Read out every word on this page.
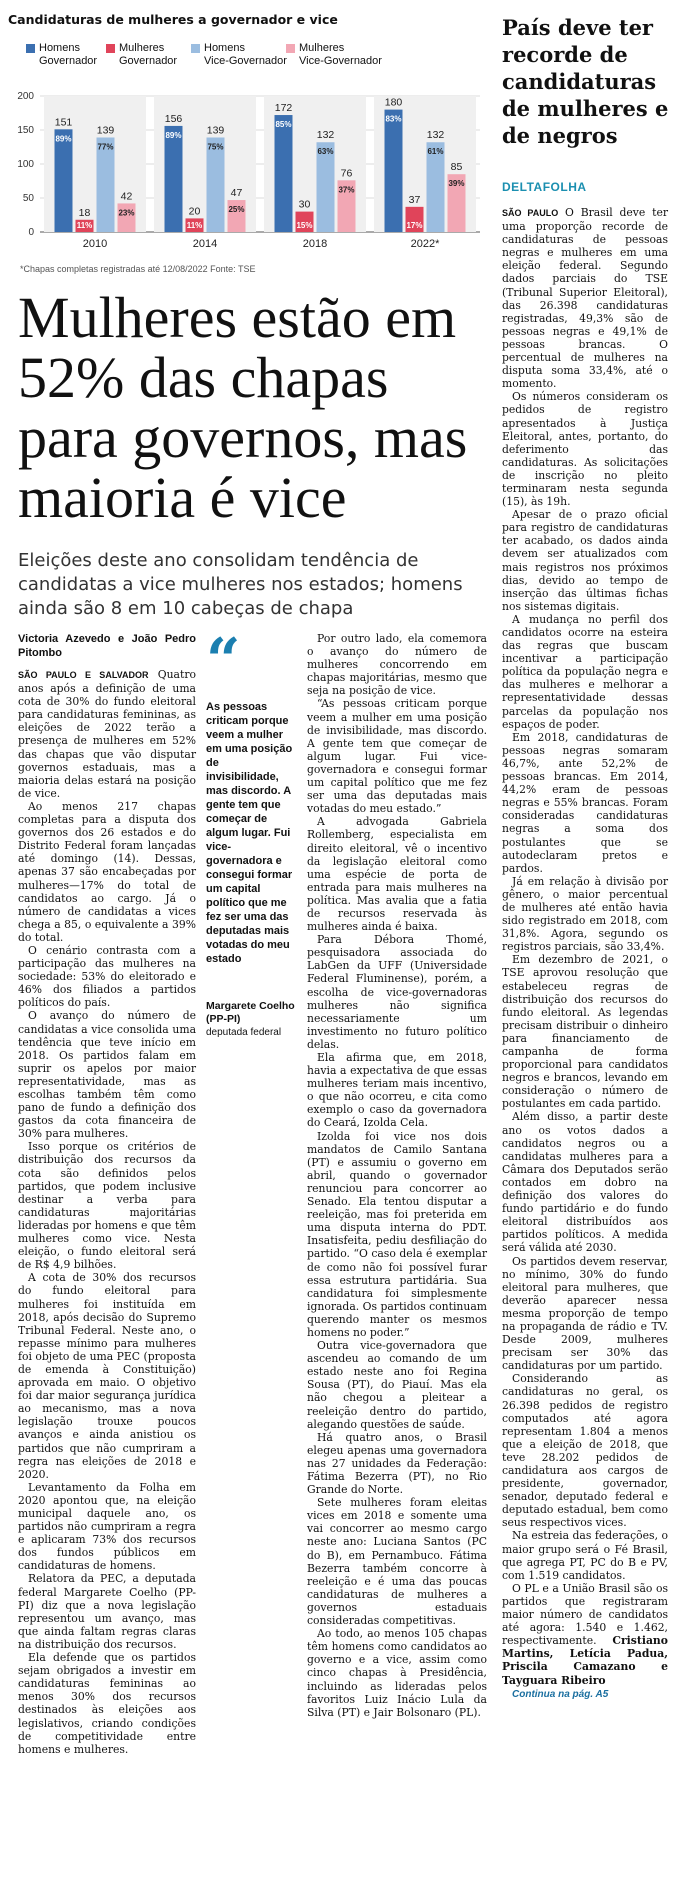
Candidaturas de mulheres a governador e vice
Homens
Governador
Mulheres
Governador
Homens
Vice-Governador
Mulheres
Vice-Governador
0
50
100
150
200
151
89%
18
11%
139
77%
42
23%
2010
156
89%
20
11%
139
75%
47
25%
2014
172
85%
30
15%
132
63%
76
37%
2018
180
83%
37
17%
132
61%
85
39%
2022*
*Chapas completas registradas até 12/08/2022 Fonte: TSE
País deve ter recorde de candidaturas de mulheres e de negros
DELTAFOLHA

SÃO PAULO O Brasil deve ter uma proporção recorde de candidaturas de pessoas negras e mulheres em uma eleição federal. Segundo dados parciais do TSE (Tribunal Superior Eleitoral), das 26.398 candidaturas registradas, 49,3% são de pessoas negras e 49,1% de pessoas brancas. O percentual de mulheres na disputa soma 33,4%, até o momento.

Os números consideram os pedidos de registro apresentados à Justiça Eleitoral, antes, portanto, do deferimento das candidaturas. As solicitações de inscrição no pleito terminaram nesta segunda (15), às 19h.

Apesar de o prazo oficial para registro de candidaturas ter acabado, os dados ainda devem ser atualizados com mais registros nos próximos dias, devido ao tempo de inserção das últimas fichas nos sistemas digitais.

A mudança no perfil dos candidatos ocorre na esteira das regras que buscam incentivar a participação política da população negra e das mulheres e melhorar a representatividade dessas parcelas da população nos espaços de poder.

Em 2018, candidaturas de pessoas negras somaram 46,7%, ante 52,2% de pessoas brancas. Em 2014, 44,2% eram de pessoas negras e 55% brancas. Foram consideradas candidaturas negras a soma dos postulantes que se autodeclaram pretos e pardos.

Já em relação à divisão por gênero, o maior percentual de mulheres até então havia sido registrado em 2018, com 31,8%. Agora, segundo os registros parciais, são 33,4%.

Em dezembro de 2021, o TSE aprovou resolução que estabeleceu regras de distribuição dos recursos do fundo eleitoral. As legendas precisam distribuir o dinheiro para financiamento de campanha de forma proporcional para candidatos negros e brancos, levando em consideração o número de postulantes em cada partido.

Além disso, a partir deste ano os votos dados a candidatos negros ou a candidatas mulheres para a Câmara dos Deputados serão contados em dobro na definição dos valores do fundo partidário e do fundo eleitoral distribuídos aos partidos políticos. A medida será válida até 2030.

Os partidos devem reservar, no mínimo, 30% do fundo eleitoral para mulheres, que deverão aparecer nessa mesma proporção de tempo na propaganda de rádio e TV. Desde 2009, mulheres precisam ser 30% das candidaturas por um partido.

Considerando as candidaturas no geral, os 26.398 pedidos de registro computados até agora representam 1.804 a menos que a eleição de 2018, que teve 28.202 pedidos de candidatura aos cargos de presidente, governador, senador, deputado federal e deputado estadual, bem como seus respectivos vices.

Na estreia das federações, o maior grupo será o Fé Brasil, que agrega PT, PC do B e PV, com 1.519 candidatos.

O PL e a União Brasil são os partidos que registraram maior número de candidatos até agora: 1.540 e 1.462, respectivamente. Cristiano Martins, Letícia Padua, Priscila Camazano e Tayguara Ribeiro

Continua na pág. A5

Mulheres estão em 52% das chapas para governos, mas maioria é vice
Eleições deste ano consolidam tendência de candidatas a vice mulheres nos estados; homens ainda são 8 em 10 cabeças de chapa
Victoria Azevedo e João Pedro Pitombo

SÃO PAULO E SALVADOR Quatro anos após a definição de uma cota de 30% do fundo eleitoral para candidaturas femininas, as eleições de 2022 terão a presença de mulheres em 52% das chapas que vão disputar governos estaduais, mas a maioria delas estará na posição de vice.

Ao menos 217 chapas completas para a disputa dos governos dos 26 estados e do Distrito Federal foram lançadas até domingo (14). Dessas, apenas 37 são encabeçadas por mulheres—17% do total de candidatos ao cargo. Já o número de candidatas a vices chega a 85, o equivalente a 39% do total.

O cenário contrasta com a participação das mulheres na sociedade: 53% do eleitorado e 46% dos filiados a partidos políticos do país.

O avanço do número de candidatas a vice consolida uma tendência que teve início em 2018. Os partidos falam em suprir os apelos por maior representatividade, mas as escolhas também têm como pano de fundo a definição dos gastos da cota financeira de 30% para mulheres.

Isso porque os critérios de distribuição dos recursos da cota são definidos pelos partidos, que podem inclusive destinar a verba para candidaturas majoritárias lideradas por homens e que têm mulheres como vice. Nesta eleição, o fundo eleitoral será de R$ 4,9 bilhões.

A cota de 30% dos recursos do fundo eleitoral para mulheres foi instituída em 2018, após decisão do Supremo Tribunal Federal. Neste ano, o repasse mínimo para mulheres foi objeto de uma PEC (proposta de emenda à Constituição) aprovada em maio. O objetivo foi dar maior segurança jurídica ao mecanismo, mas a nova legislação trouxe poucos avanços e ainda anistiou os partidos que não cumpriram a regra nas eleições de 2018 e 2020.

Levantamento da Folha em 2020 apontou que, na eleição municipal daquele ano, os partidos não cumpriram a regra e aplicaram 73% dos recursos dos fundos públicos em candidaturas de homens.

Relatora da PEC, a deputada federal Margarete Coelho (PP-PI) diz que a nova legislação representou um avanço, mas que ainda faltam regras claras na distribuição dos recursos.

Ela defende que os partidos sejam obrigados a investir em candidaturas femininas ao menos 30% dos recursos destinados às eleições aos legislativos, criando condições de competitividade entre homens e mulheres.

“
As pessoas criticam porque veem a mulher em uma posição de invisibilidade, mas discordo. A gente tem que começar de algum lugar. Fui vice-governadora e consegui formar um capital político que me fez ser uma das deputadas mais votadas do meu estado
Margarete Coelho (PP-PI)
deputada federal

Por outro lado, ela comemora o avanço do número de mulheres concorrendo em chapas majoritárias, mesmo que seja na posição de vice.

“As pessoas criticam porque veem a mulher em uma posição de invisibilidade, mas discordo. A gente tem que começar de algum lugar. Fui vice-governadora e consegui formar um capital político que me fez ser uma das deputadas mais votadas do meu estado.”

A advogada Gabriela Rollemberg, especialista em direito eleitoral, vê o incentivo da legislação eleitoral como uma espécie de porta de entrada para mais mulheres na política. Mas avalia que a fatia de recursos reservada às mulheres ainda é baixa.

Para Débora Thomé, pesquisadora associada do LabGen da UFF (Universidade Federal Fluminense), porém, a escolha de vice-governadoras mulheres não significa necessariamente um investimento no futuro político delas.

Ela afirma que, em 2018, havia a expectativa de que essas mulheres teriam mais incentivo, o que não ocorreu, e cita como exemplo o caso da governadora do Ceará, Izolda Cela.

Izolda foi vice nos dois mandatos de Camilo Santana (PT) e assumiu o governo em abril, quando o governador renunciou para concorrer ao Senado. Ela tentou disputar a reeleição, mas foi preterida em uma disputa interna do PDT. Insatisfeita, pediu desfiliação do partido. “O caso dela é exemplar de como não foi possível furar essa estrutura partidária. Sua candidatura foi simplesmente ignorada. Os partidos continuam querendo manter os mesmos homens no poder.”

Outra vice-governadora que ascendeu ao comando de um estado neste ano foi Regina Sousa (PT), do Piauí. Mas ela não chegou a pleitear a reeleição dentro do partido, alegando questões de saúde.

Há quatro anos, o Brasil elegeu apenas uma governadora nas 27 unidades da Federação: Fátima Bezerra (PT), no Rio Grande do Norte.

Sete mulheres foram eleitas vices em 2018 e somente uma vai concorrer ao mesmo cargo neste ano: Luciana Santos (PC do B), em Pernambuco. Fátima Bezerra também concorre à reeleição e é uma das poucas candidaturas de mulheres a governos estaduais consideradas competitivas.

Ao todo, ao menos 105 chapas têm homens como candidatos ao governo e a vice, assim como cinco chapas à Presidência, incluindo as lideradas pelos favoritos Luiz Inácio Lula da Silva (PT) e Jair Bolsonaro (PL).
